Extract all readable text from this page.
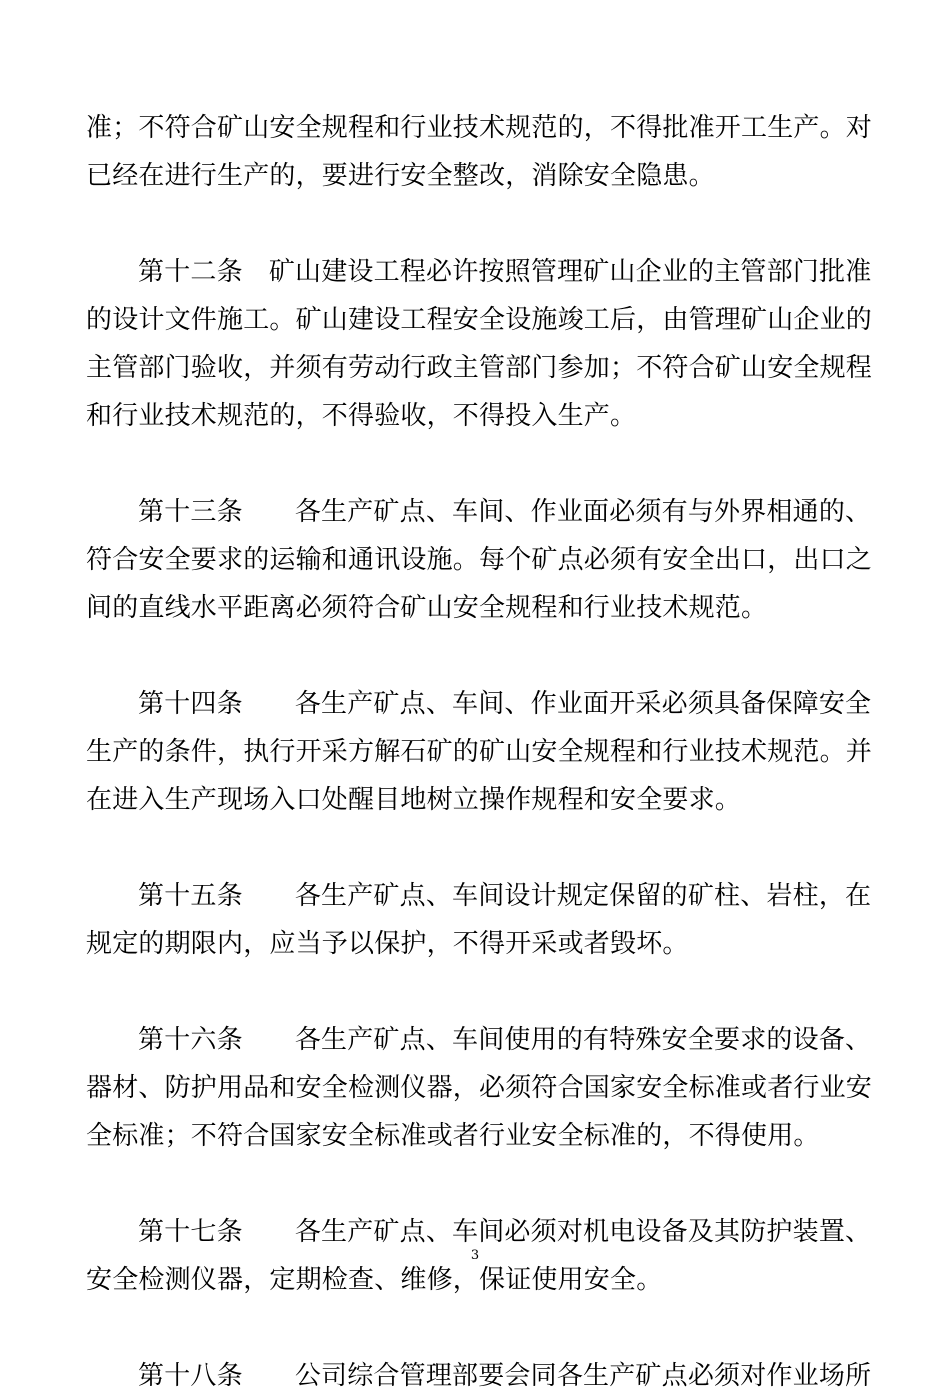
准；不符合矿山安全规程和行业技术规范的，不得批准开工生产。对
已经在进行生产的，要进行安全整改，消除安全隐患。

第十二条 矿山建设工程必许按照管理矿山企业的主管部门批准
的设计文件施工。矿山建设工程安全设施竣工后，由管理矿山企业的
主管部门验收，并须有劳动行政主管部门参加；不符合矿山安全规程
和行业技术规范的，不得验收，不得投入生产。

第十三条 各生产矿点、车间、作业面必须有与外界相通的、
符合安全要求的运输和通讯设施。每个矿点必须有安全出口，出口之
间的直线水平距离必须符合矿山安全规程和行业技术规范。

第十四条 各生产矿点、车间、作业面开采必须具备保障安全
生产的条件，执行开采方解石矿的矿山安全规程和行业技术规范。并
在进入生产现场入口处醒目地树立操作规程和安全要求。

第十五条 各生产矿点、车间设计规定保留的矿柱、岩柱，在
规定的期限内，应当予以保护，不得开采或者毁坏。

第十六条 各生产矿点、车间使用的有特殊安全要求的设备、
器材、防护用品和安全检测仪器，必须符合国家安全标准或者行业安
全标准；不符合国家安全标准或者行业安全标准的，不得使用。

第十七条 各生产矿点、车间必须对机电设备及其防护装置、
安全检测仪器，定期检查、维修，保证使用安全。

第十八条 公司综合管理部要会同各生产矿点必须对作业场所

3
